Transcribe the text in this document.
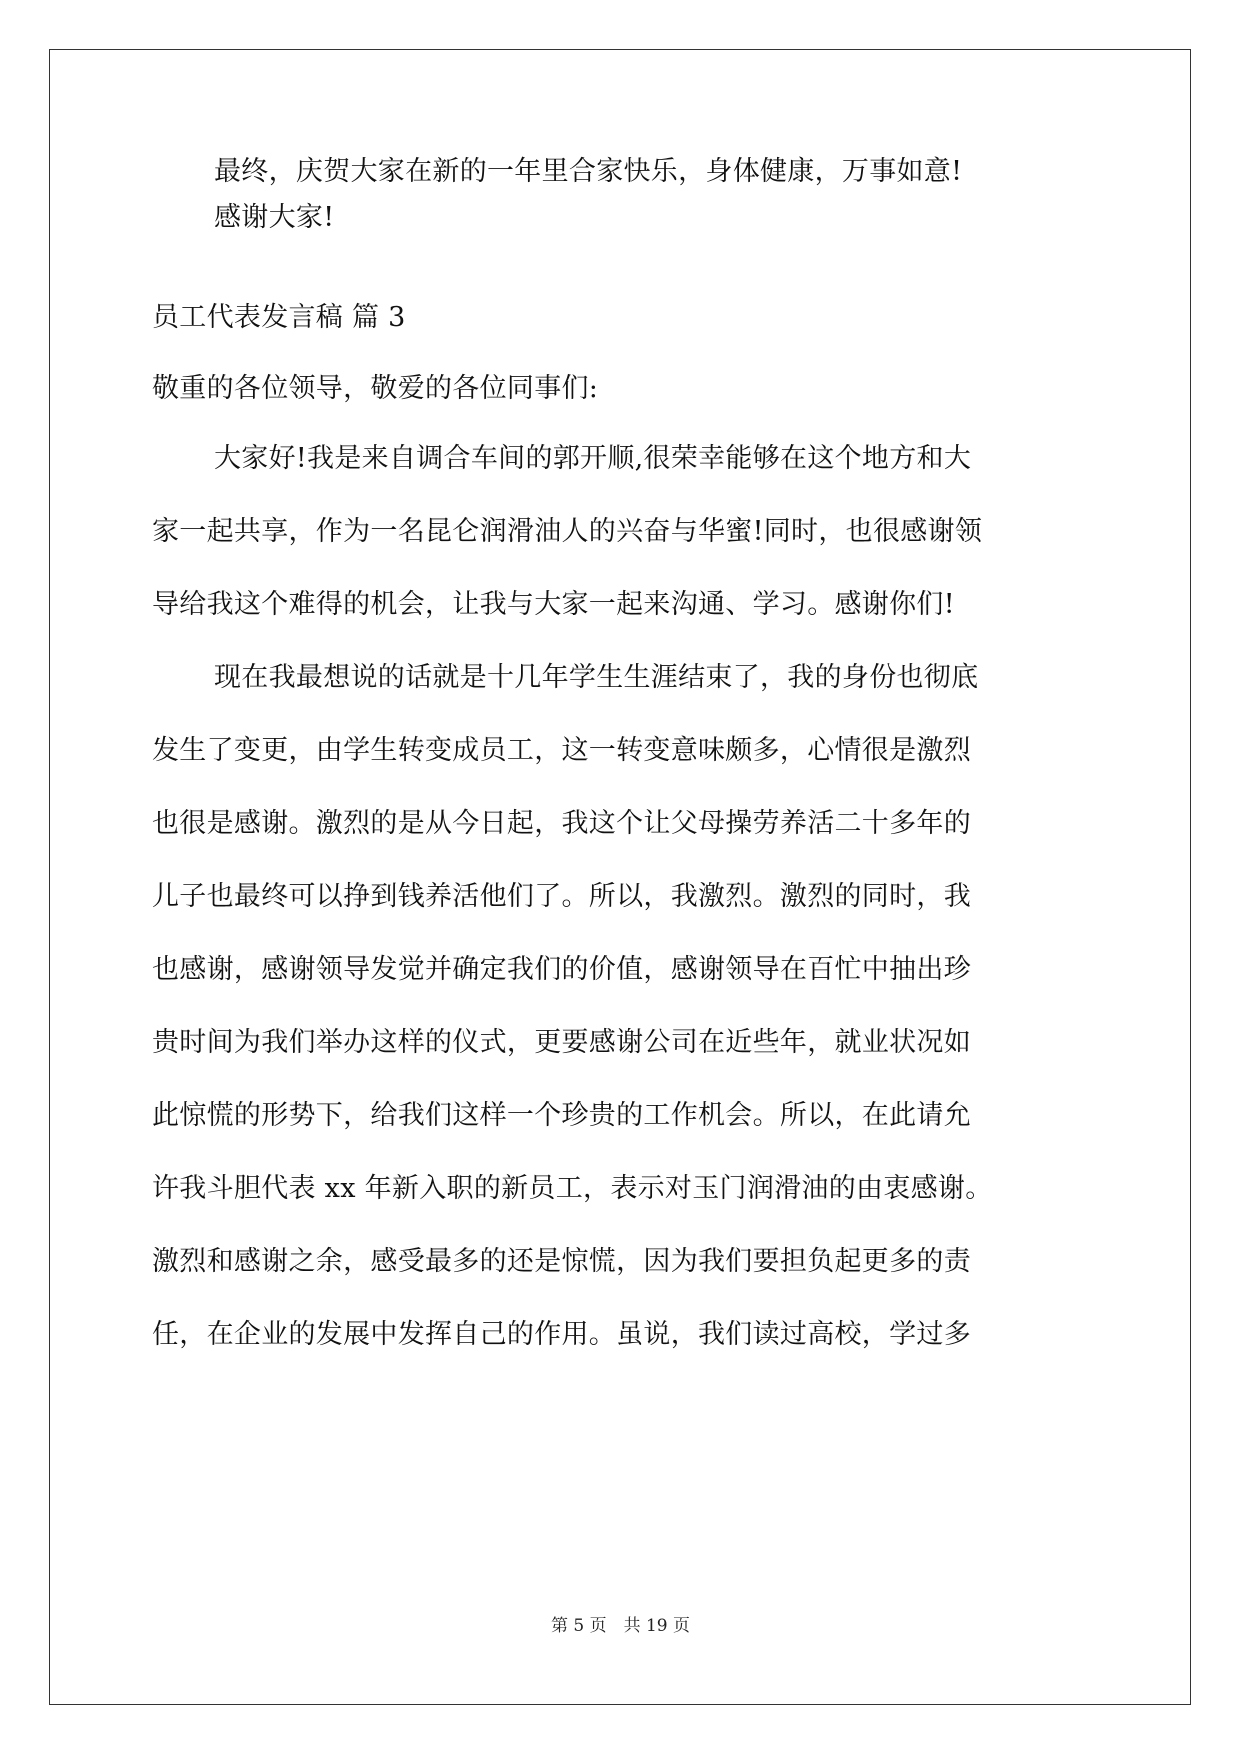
最终，庆贺大家在新的一年里合家快乐，身体健康，万事如意!
感谢大家!
员工代表发言稿 篇 3
敬重的各位领导，敬爱的各位同事们:
大家好!我是来自调合车间的郭开顺,很荣幸能够在这个地方和大
家一起共享，作为一名昆仑润滑油人的兴奋与华蜜!同时，也很感谢领
导给我这个难得的机会，让我与大家一起来沟通、学习。感谢你们!
现在我最想说的话就是十几年学生生涯结束了，我的身份也彻底
发生了变更，由学生转变成员工，这一转变意味颇多，心情很是激烈
也很是感谢。激烈的是从今日起，我这个让父母操劳养活二十多年的
儿子也最终可以挣到钱养活他们了。所以，我激烈。激烈的同时，我
也感谢，感谢领导发觉并确定我们的价值，感谢领导在百忙中抽出珍
贵时间为我们举办这样的仪式，更要感谢公司在近些年，就业状况如
此惊慌的形势下，给我们这样一个珍贵的工作机会。所以，在此请允
许我斗胆代表 xx 年新入职的新员工，表示对玉门润滑油的由衷感谢。
激烈和感谢之余，感受最多的还是惊慌，因为我们要担负起更多的责
任，在企业的发展中发挥自己的作用。虽说，我们读过高校，学过多
第 5 页　共 19 页
